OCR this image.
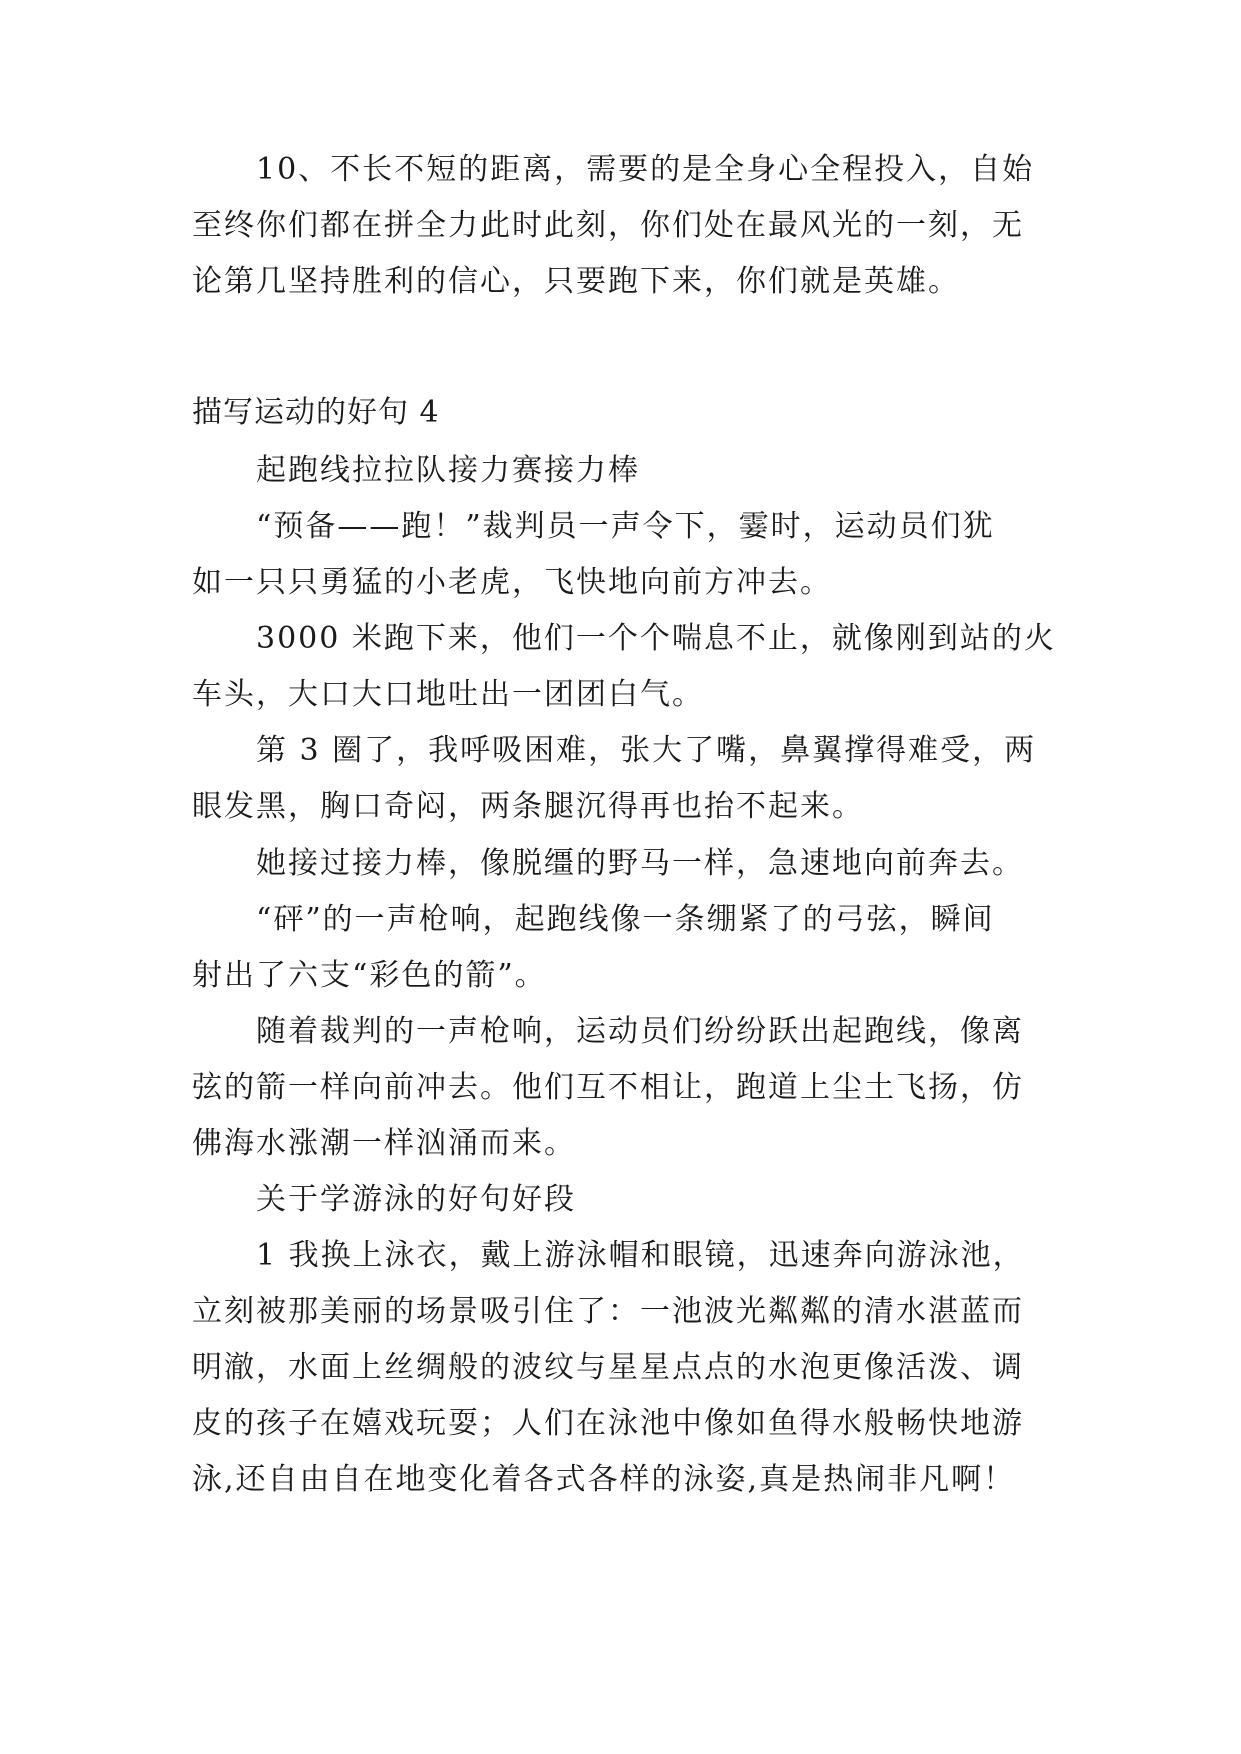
10、不长不短的距离，需要的是全身心全程投入，自始
至终你们都在拼全力此时此刻，你们处在最风光的一刻，无
论第几坚持胜利的信心，只要跑下来，你们就是英雄。
描写运动的好句 4
起跑线拉拉队接力赛接力棒
“预备——跑！”裁判员一声令下，霎时，运动员们犹
如一只只勇猛的小老虎，飞快地向前方冲去。
3000 米跑下来，他们一个个喘息不止，就像刚到站的火
车头，大口大口地吐出一团团白气。
第 3 圈了，我呼吸困难，张大了嘴，鼻翼撑得难受，两
眼发黑，胸口奇闷，两条腿沉得再也抬不起来。
她接过接力棒，像脱缰的野马一样，急速地向前奔去。
“砰”的一声枪响，起跑线像一条绷紧了的弓弦，瞬间
射出了六支“彩色的箭”。
随着裁判的一声枪响，运动员们纷纷跃出起跑线，像离
弦的箭一样向前冲去。他们互不相让，跑道上尘土飞扬，仿
佛海水涨潮一样汹涌而来。
关于学游泳的好句好段
1 我换上泳衣，戴上游泳帽和眼镜，迅速奔向游泳池，
立刻被那美丽的场景吸引住了：一池波光粼粼的清水湛蓝而
明澈，水面上丝绸般的波纹与星星点点的水泡更像活泼、调
皮的孩子在嬉戏玩耍；人们在泳池中像如鱼得水般畅快地游
泳,还自由自在地变化着各式各样的泳姿,真是热闹非凡啊！
